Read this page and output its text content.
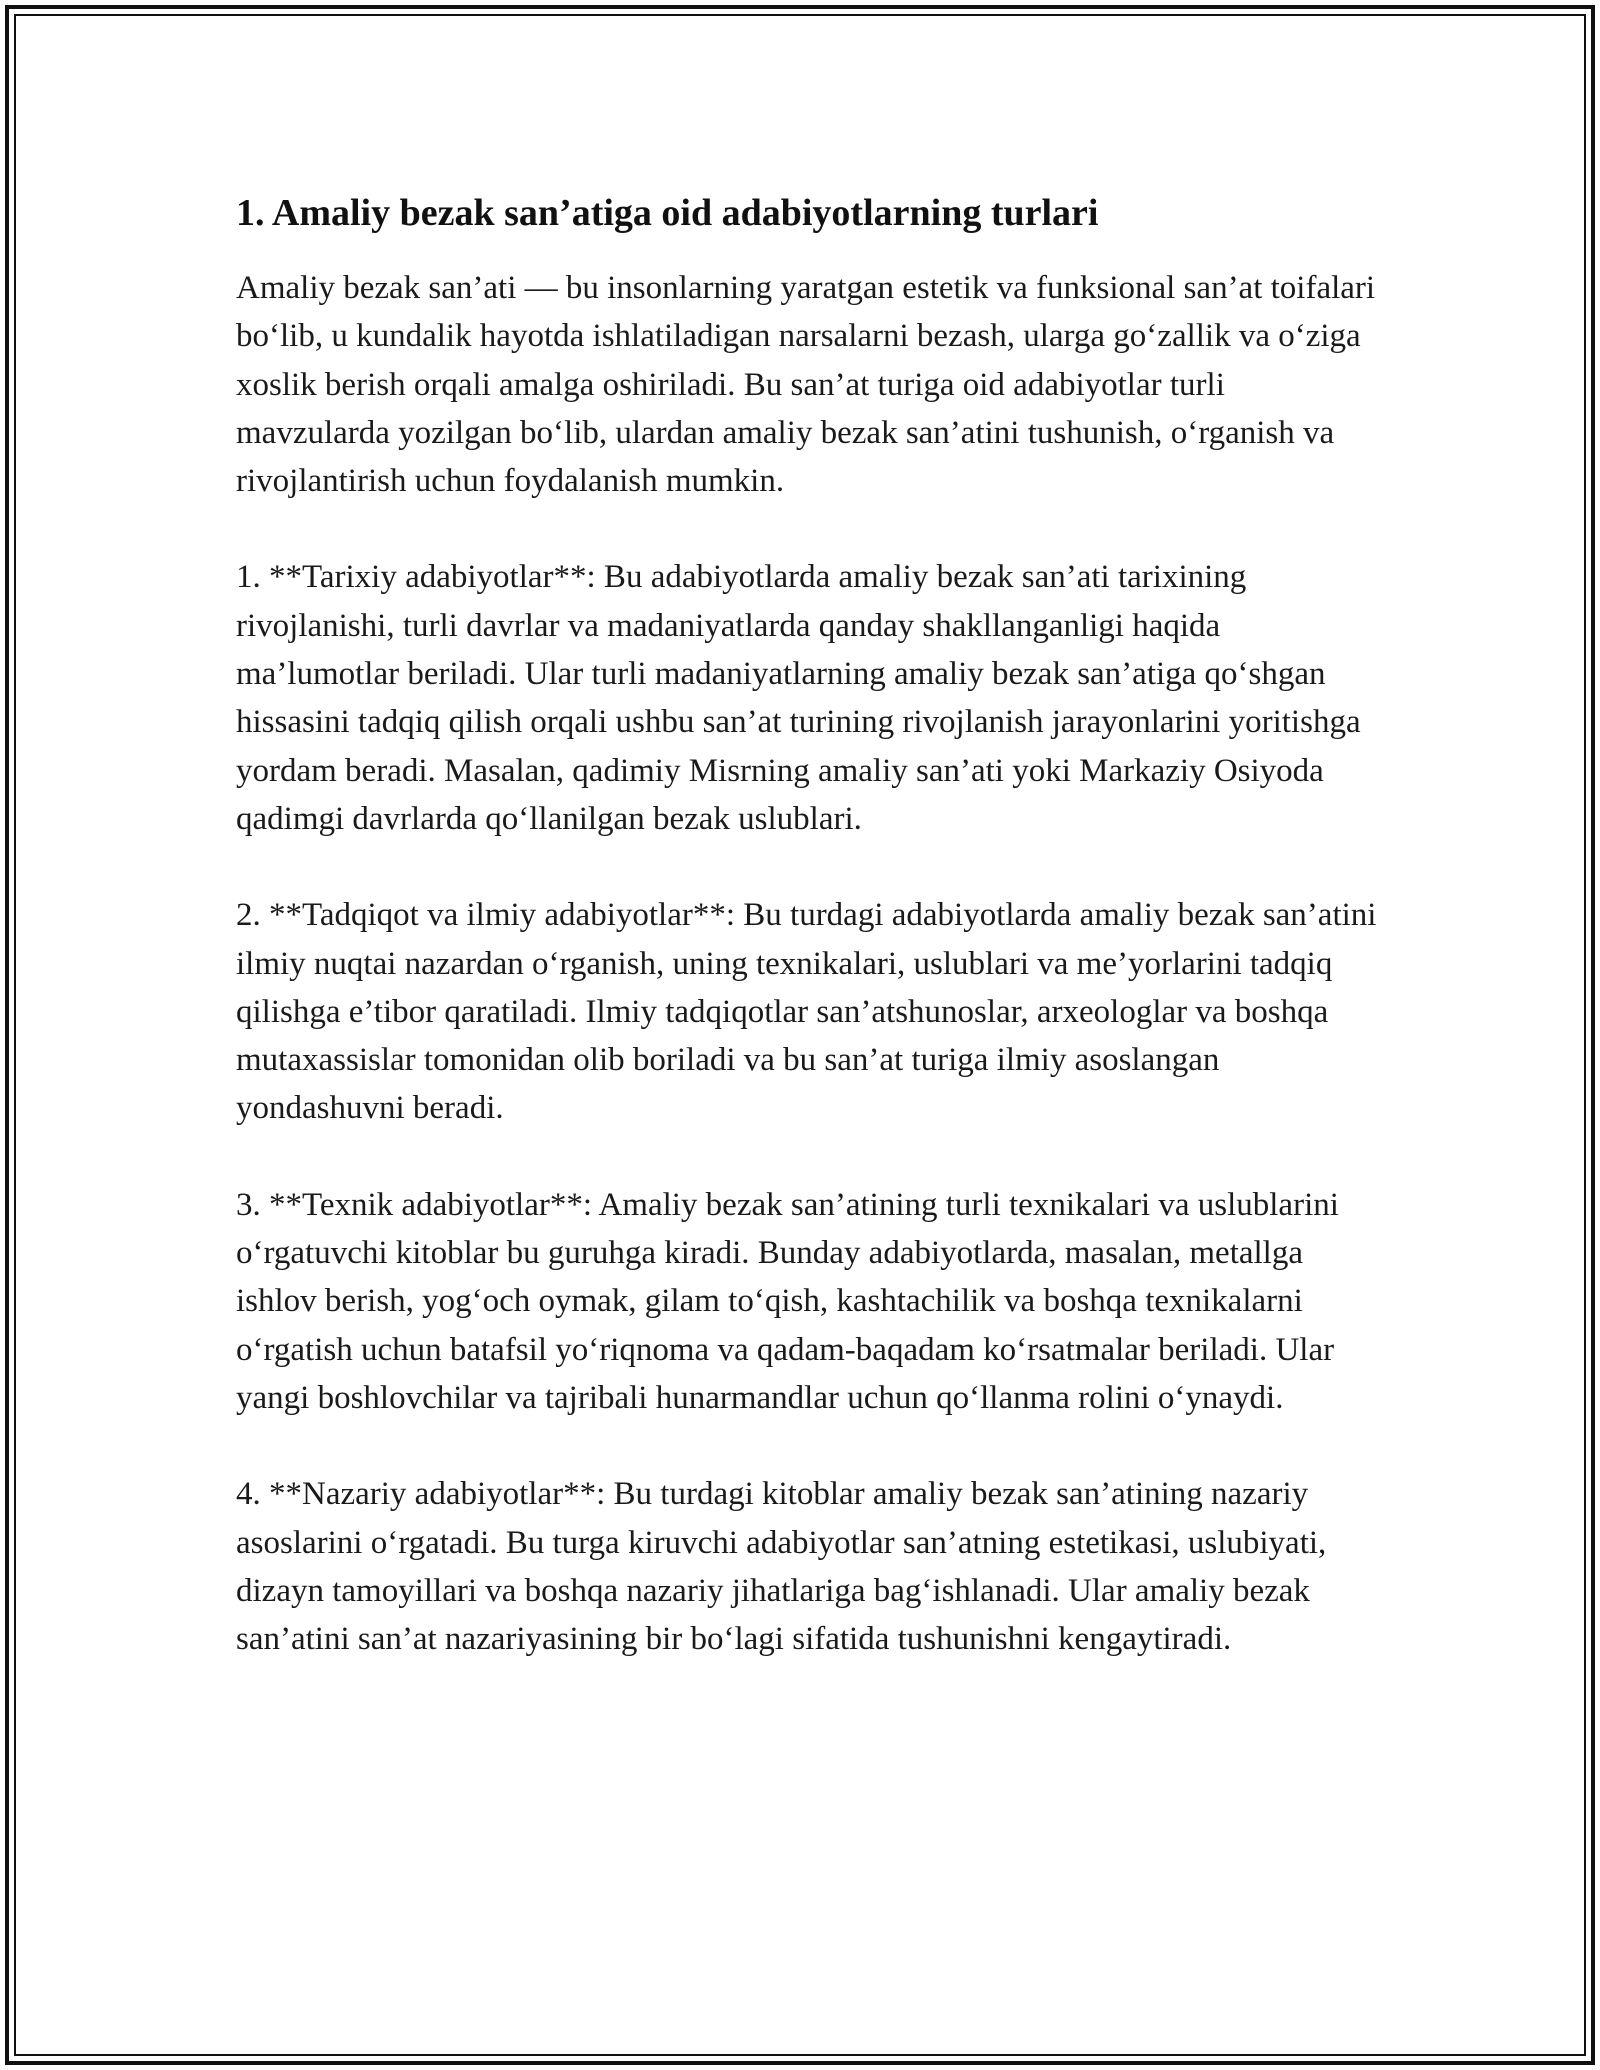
1. Amaliy bezak san’atiga oid adabiyotlarning turlari

Amaliy bezak san’ati — bu insonlarning yaratgan estetik va funksional san’at toifalari bo‘lib, u kundalik hayotda ishlatiladigan narsalarni bezash, ularga go‘zallik va o‘ziga xoslik berish orqali amalga oshiriladi. Bu san’at turiga oid adabiyotlar turli mavzularda yozilgan bo‘lib, ulardan amaliy bezak san’atini tushunish, o‘rganish va rivojlantirish uchun foydalanish mumkin.

1. **Tarixiy adabiyotlar**: Bu adabiyotlarda amaliy bezak san’ati tarixining rivojlanishi, turli davrlar va madaniyatlarda qanday shakllanganligi haqida ma’lumotlar beriladi. Ular turli madaniyatlarning amaliy bezak san’atiga qo‘shgan hissasini tadqiq qilish orqali ushbu san’at turining rivojlanish jarayonlarini yoritishga yordam beradi. Masalan, qadimiy Misrning amaliy san’ati yoki Markaziy Osiyoda qadimgi davrlarda qo‘llanilgan bezak uslublari.

2. **Tadqiqot va ilmiy adabiyotlar**: Bu turdagi adabiyotlarda amaliy bezak san’atini ilmiy nuqtai nazardan o‘rganish, uning texnikalari, uslublari va me’yorlarini tadqiq qilishga e’tibor qaratiladi. Ilmiy tadqiqotlar san’atshunoslar, arxeologlar va boshqa mutaxassislar tomonidan olib boriladi va bu san’at turiga ilmiy asoslangan yondashuvni beradi.

3. **Texnik adabiyotlar**: Amaliy bezak san’atining turli texnikalari va uslublarini o‘rgatuvchi kitoblar bu guruhga kiradi. Bunday adabiyotlarda, masalan, metallga ishlov berish, yog‘och oymak, gilam to‘qish, kashtachilik va boshqa texnikalarni o‘rgatish uchun batafsil yo‘riqnoma va qadam-baqadam ko‘rsatmalar beriladi. Ular yangi boshlovchilar va tajribali hunarmandlar uchun qo‘llanma rolini o‘ynaydi.

4. **Nazariy adabiyotlar**: Bu turdagi kitoblar amaliy bezak san’atining nazariy asoslarini o‘rgatadi. Bu turga kiruvchi adabiyotlar san’atning estetikasi, uslubiyati, dizayn tamoyillari va boshqa nazariy jihatlariga bag‘ishlanadi. Ular amaliy bezak san’atini san’at nazariyasining bir bo‘lagi sifatida tushunishni kengaytiradi.
